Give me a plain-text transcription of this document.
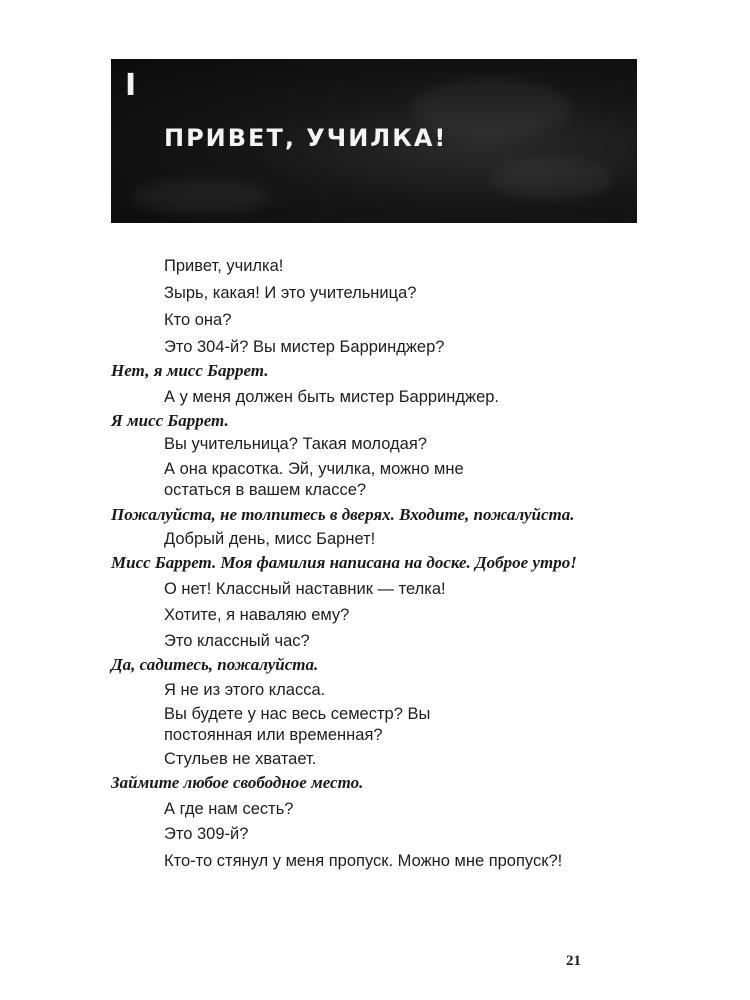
I
ПРИВЕТ, УЧИЛКА!
Привет, училка!
Зырь, какая! И это учительница?
Кто она?
Это 304-й? Вы мистер Барринджер?
Нет, я мисс Баррет.
А у меня должен быть мистер Барринджер.
Я мисс Баррет.
Вы учительница? Такая молодая?
А она красотка. Эй, училка, можно мне остаться в вашем классе?
Пожалуйста, не толпитесь в дверях. Входите, пожалуйста.
Добрый день, мисс Барнет!
Мисс Баррет. Моя фамилия написана на доске. Доброе утро!
О нет! Классный наставник — телка!
Хотите, я наваляю ему?
Это классный час?
Да, садитесь, пожалуйста.
Я не из этого класса.
Вы будете у нас весь семестр? Вы постоянная или временная?
Стульев не хватает.
Займите любое свободное место.
А где нам сесть?
Это 309-й?
Кто-то стянул у меня пропуск. Можно мне пропуск?!
21
